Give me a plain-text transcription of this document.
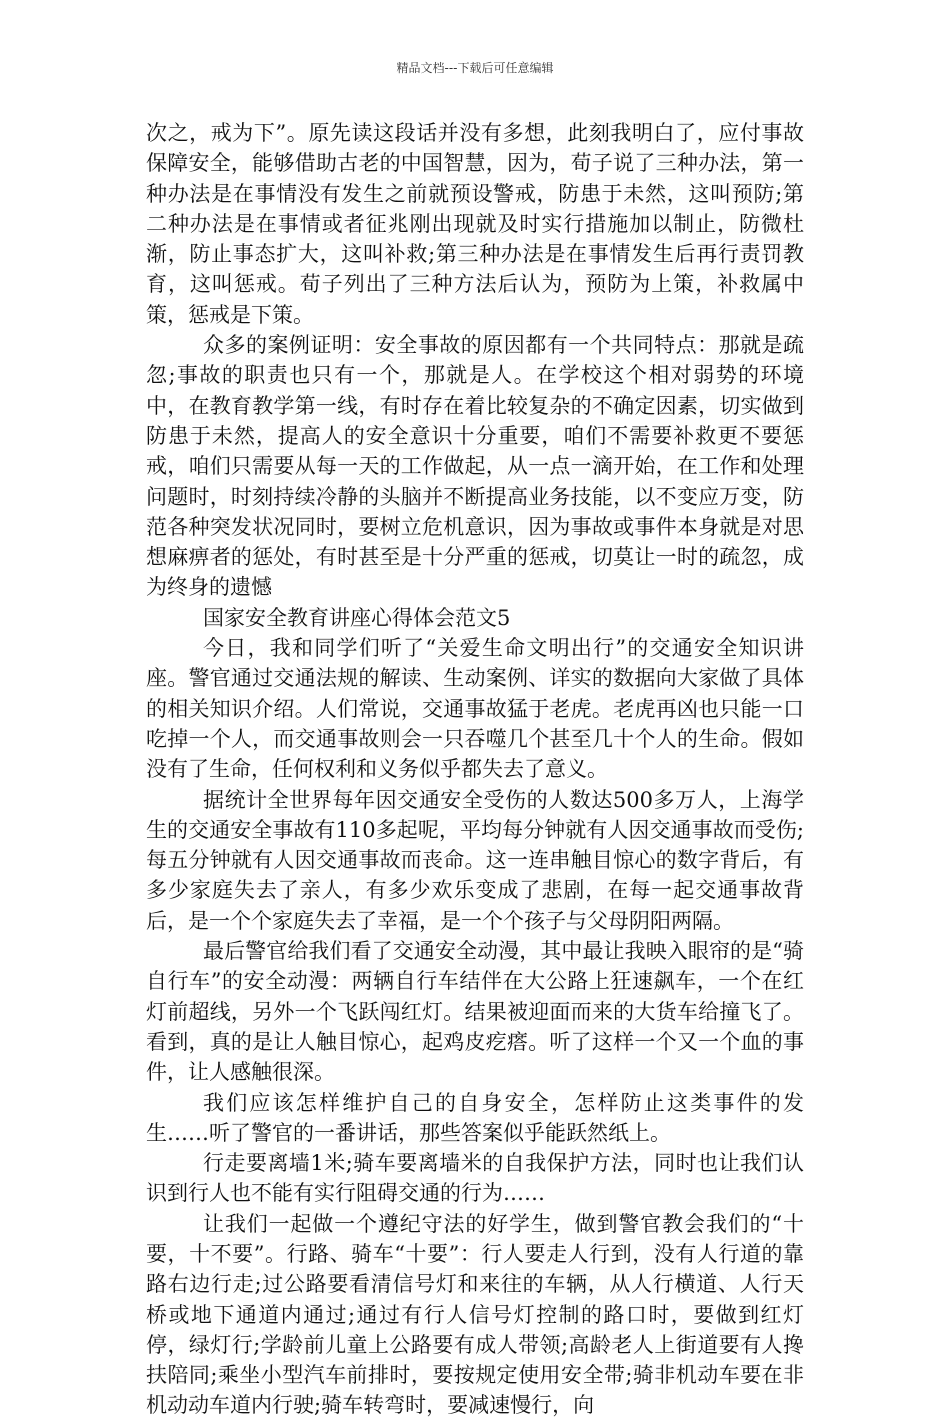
精品文档---下载后可任意编辑

次之，戒为下”。原先读这段话并没有多想，此刻我明白了，应付事故保障安全，能够借助古老的中国智慧，因为，荀子说了三种办法，第一种办法是在事情没有发生之前就预设警戒，防患于未然，这叫预防;第二种办法是在事情或者征兆刚出现就及时实行措施加以制止，防微杜渐，防止事态扩大，这叫补救;第三种办法是在事情发生后再行责罚教育，这叫惩戒。荀子列出了三种方法后认为，预防为上策，补救属中策，惩戒是下策。

众多的案例证明：安全事故的原因都有一个共同特点：那就是疏忽;事故的职责也只有一个，那就是人。在学校这个相对弱势的环境中，在教育教学第一线，有时存在着比较复杂的不确定因素，切实做到防患于未然，提高人的安全意识十分重要，咱们不需要补救更不要惩戒，咱们只需要从每一天的工作做起，从一点一滴开始，在工作和处理问题时，时刻持续冷静的头脑并不断提高业务技能，以不变应万变，防范各种突发状况同时，要树立危机意识，因为事故或事件本身就是对思想麻痹者的惩处，有时甚至是十分严重的惩戒，切莫让一时的疏忽，成为终身的遗憾

国家安全教育讲座心得体会范文5

今日，我和同学们听了“关爱生命文明出行”的交通安全知识讲座。警官通过交通法规的解读、生动案例、详实的数据向大家做了具体的相关知识介绍。人们常说，交通事故猛于老虎。老虎再凶也只能一口吃掉一个人，而交通事故则会一只吞噬几个甚至几十个人的生命。假如没有了生命，任何权利和义务似乎都失去了意义。

据统计全世界每年因交通安全受伤的人数达500多万人，上海学生的交通安全事故有110多起呢，平均每分钟就有人因交通事故而受伤;每五分钟就有人因交通事故而丧命。这一连串触目惊心的数字背后，有多少家庭失去了亲人，有多少欢乐变成了悲剧，在每一起交通事故背后，是一个个家庭失去了幸福，是一个个孩子与父母阴阳两隔。

最后警官给我们看了交通安全动漫，其中最让我映入眼帘的是“骑自行车”的安全动漫：两辆自行车结伴在大公路上狂速飙车，一个在红灯前超线，另外一个飞跃闯红灯。结果被迎面而来的大货车给撞飞了。看到，真的是让人触目惊心，起鸡皮疙瘩。听了这样一个又一个血的事件，让人感触很深。

我们应该怎样维护自己的自身安全，怎样防止这类事件的发生……听了警官的一番讲话，那些答案似乎能跃然纸上。

行走要离墙1米;骑车要离墙米的自我保护方法，同时也让我们认识到行人也不能有实行阻碍交通的行为……

让我们一起做一个遵纪守法的好学生，做到警官教会我们的“十要，十不要”。行路、骑车“十要”：行人要走人行到，没有人行道的靠路右边行走;过公路要看清信号灯和来往的车辆，从人行横道、人行天桥或地下通道内通过;通过有行人信号灯控制的路口时，要做到红灯停，绿灯行;学龄前儿童上公路要有成人带领;高龄老人上街道要有人搀扶陪同;乘坐小型汽车前排时，要按规定使用安全带;骑非机动车要在非机动动车道内行驶;骑车转弯时，要减速慢行，向
